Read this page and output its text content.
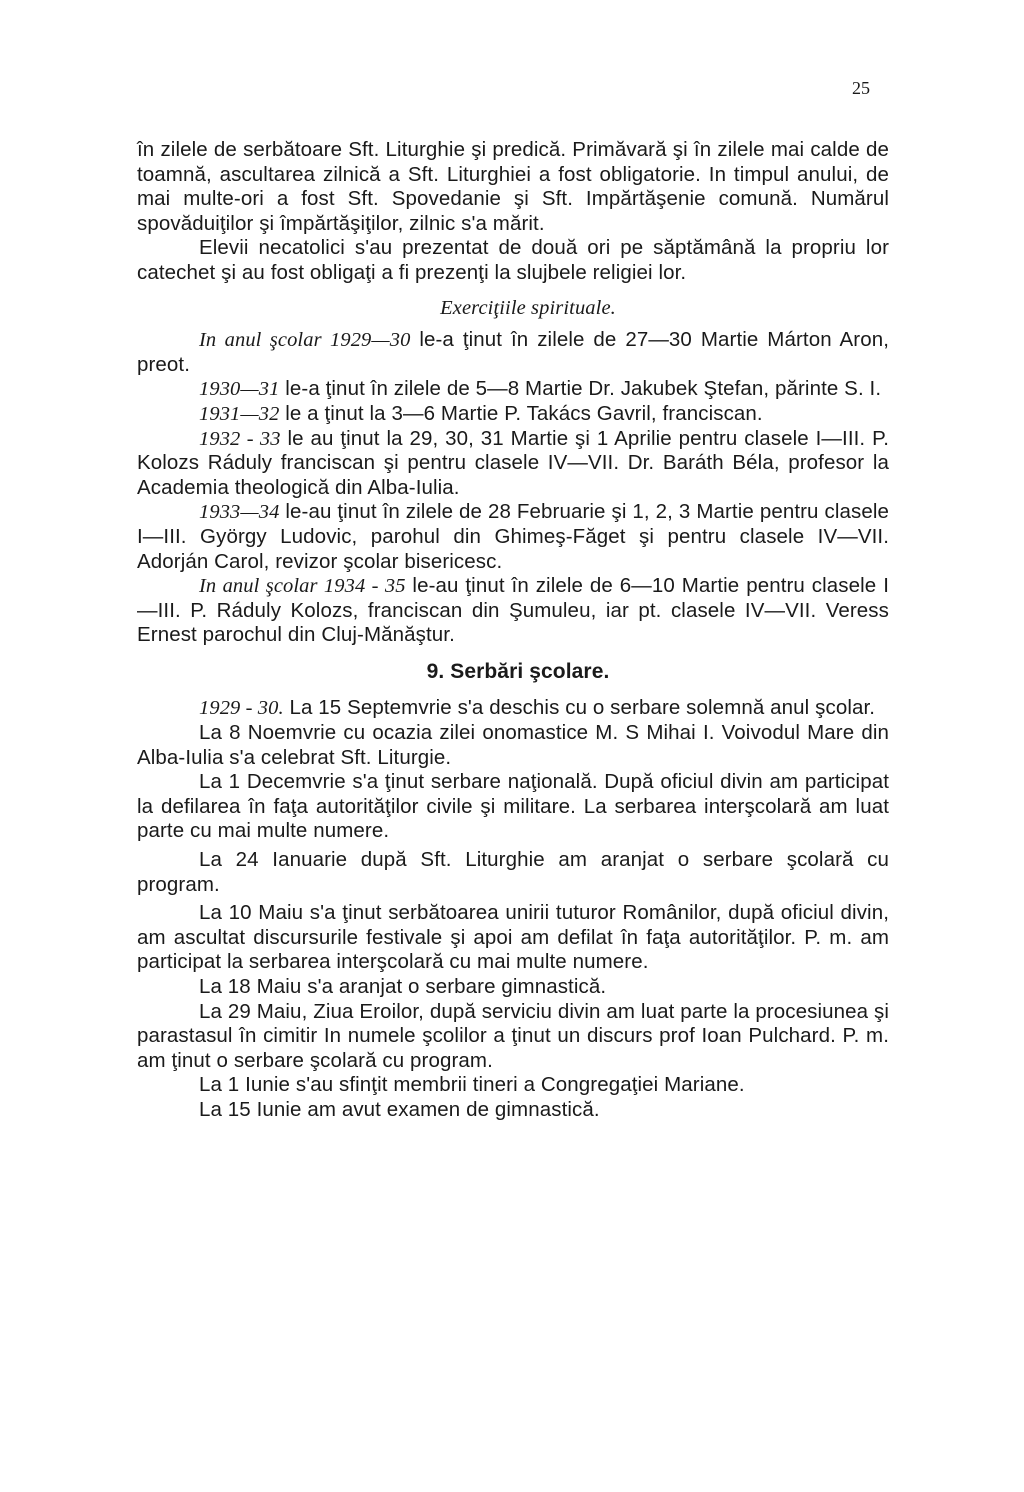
25

în zilele de serbătoare Sft. Liturghie şi predică. Primăvară şi în zilele mai calde de toamnă, ascultarea zilnică a Sft. Liturghiei a fost obligatorie. In timpul anului, de mai multe-ori a fost Sft. Spovedanie şi Sft. Impărtăşenie comună. Numărul spovăduiţilor şi împărtăşiţilor, zilnic s'a mărit.

Elevii necatolici s'au prezentat de două ori pe săptămână la propriu lor catechet şi au fost obligaţi a fi prezenţi la slujbele religiei lor.

Exerciţiile spirituale.

In anul şcolar 1929—30 le-a ţinut în zilele de 27—30 Martie Márton Aron, preot.

1930—31 le-a ţinut în zilele de 5—8 Martie Dr. Jakubek Ştefan, părinte S. I.

1931—32 le a ţinut la 3—6 Martie P. Takács Gavril, franciscan.

1932 - 33 le au ţinut la 29, 30, 31 Martie şi 1 Aprilie pentru clasele I—III. P. Kolozs Ráduly franciscan şi pentru clasele IV—VII. Dr. Baráth Béla, profesor la Academia theologică din Alba-Iulia.

1933—34 le-au ţinut în zilele de 28 Februarie şi 1, 2, 3 Martie pentru clasele I—III. György Ludovic, parohul din Ghimeş-Făget şi pentru clasele IV—VII. Adorján Carol, revizor şcolar bisericesc.

In anul şcolar 1934 - 35 le-au ţinut în zilele de 6—10 Martie pentru clasele I—III. P. Ráduly Kolozs, franciscan din Şumuleu, iar pt. clasele IV—VII. Veress Ernest parochul din Cluj-Mănăştur.

9. Serbări şcolare.

1929 - 30. La 15 Septemvrie s'a deschis cu o serbare solemnă anul şcolar.

La 8 Noemvrie cu ocazia zilei onomastice M. S Mihai I. Voivodul Mare din Alba-Iulia s'a celebrat Sft. Liturgie.

La 1 Decemvrie s'a ţinut serbare naţională. După oficiul divin am participat la defilarea în faţa autorităţilor civile şi militare. La serbarea interşcolară am luat parte cu mai multe numere.

La 24 Ianuarie după Sft. Liturghie am aranjat o serbare şcolară cu program.

La 10 Maiu s'a ţinut serbătoarea unirii tuturor Românilor, după oficiul divin, am ascultat discursurile festivale şi apoi am defilat în faţa autorităţilor. P. m. am participat la serbarea interşcolară cu mai multe numere.

La 18 Maiu s'a aranjat o serbare gimnastică.

La 29 Maiu, Ziua Eroilor, după serviciu divin am luat parte la procesiunea şi parastasul în cimitir In numele şcolilor a ţinut un discurs prof Ioan Pulchard. P. m. am ţinut o serbare şcolară cu program.

La 1 Iunie s'au sfinţit membrii tineri a Congregaţiei Mariane.

La 15 Iunie am avut examen de gimnastică.
